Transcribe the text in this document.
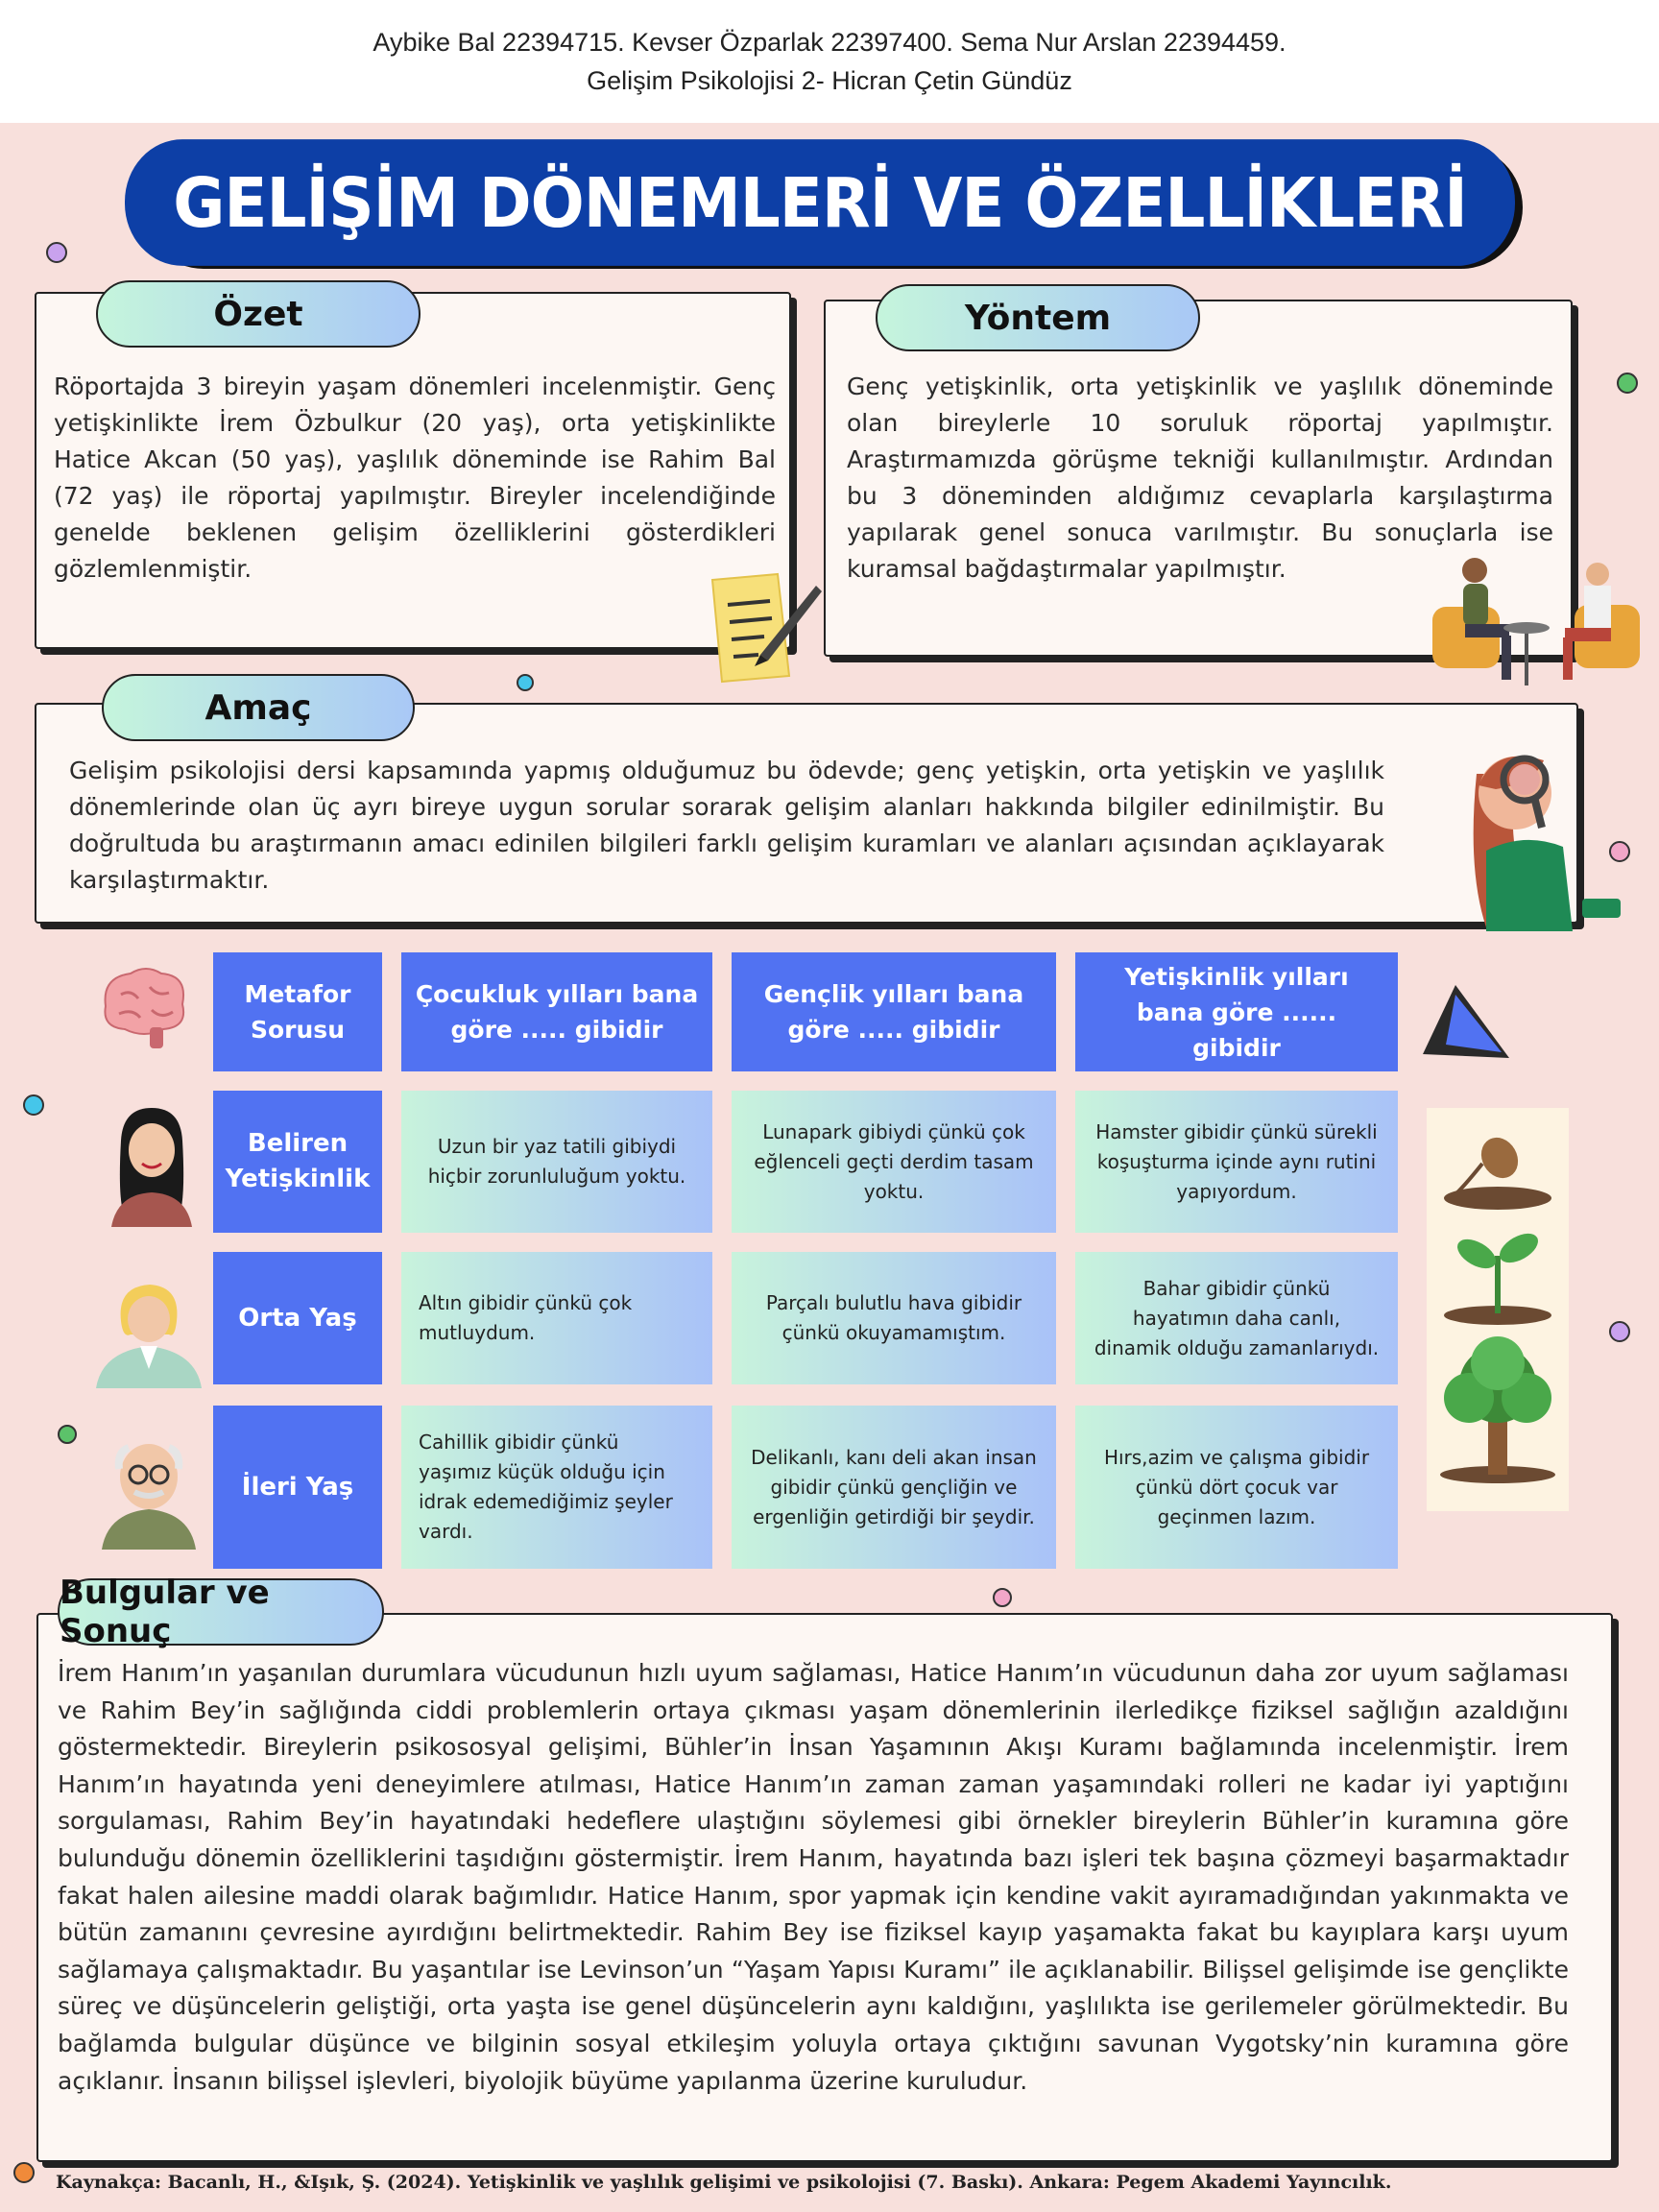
Aybike Bal 22394715. Kevser Özparlak 22397400. Sema Nur Arslan 22394459.
Gelişim Psikolojisi 2- Hicran Çetin Gündüz
GELİŞİM DÖNEMLERİ VE ÖZELLİKLERİ
Özet
Röportajda 3 bireyin yaşam dönemleri incelenmiştir. Genç yetişkinlikte İrem Özbulkur (20 yaş), orta yetişkinlikte Hatice Akcan (50 yaş), yaşlılık döneminde ise Rahim Bal (72 yaş) ile röportaj yapılmıştır. Bireyler incelendiğinde genelde beklenen gelişim özelliklerini gösterdikleri gözlemlenmiştir.
Yöntem
Genç yetişkinlik, orta yetişkinlik ve yaşlılık döneminde olan bireylerle 10 soruluk röportaj yapılmıştır. Araştırmamızda görüşme tekniği kullanılmıştır. Ardından bu 3 döneminden aldığımız cevaplarla karşılaştırma yapılarak genel sonuca varılmıştır. Bu sonuçlarla ise kuramsal bağdaştırmalar yapılmıştır.
Amaç
Gelişim psikolojisi dersi kapsamında yapmış olduğumuz bu ödevde; genç yetişkin, orta yetişkin ve yaşlılık dönemlerinde olan üç ayrı bireye uygun sorular sorarak gelişim alanları hakkında bilgiler edinilmiştir. Bu doğrultuda bu araştırmanın amacı edinilen bilgileri farklı gelişim kuramları ve alanları açısından açıklayarak karşılaştırmaktır.
Metafor Sorusu
Çocukluk yılları bana göre ..... gibidir
Gençlik yılları bana göre ..... gibidir
Yetişkinlik yılları bana göre ...... gibidir
Beliren Yetişkinlik
Uzun bir yaz tatili gibiydi hiçbir zorunluluğum yoktu.
Lunapark gibiydi çünkü çok eğlenceli geçti derdim tasam yoktu.
Hamster gibidir çünkü sürekli koşuşturma içinde aynı rutini yapıyordum.
Orta Yaş
Altın gibidir çünkü çok mutluydum.
Parçalı bulutlu hava gibidir çünkü okuyamamıştım.
Bahar gibidir çünkü hayatımın daha canlı, dinamik olduğu zamanlarıydı.
İleri Yaş
Cahillik gibidir çünkü yaşımız küçük olduğu için idrak edemediğimiz şeyler vardı.
Delikanlı, kanı deli akan insan gibidir çünkü gençliğin ve ergenliğin getirdiği bir şeydir.
Hırs,azim ve çalışma gibidir çünkü dört çocuk var geçinmen lazım.
Bulgular ve Sonuç
İrem Hanım’ın yaşanılan durumlara vücudunun hızlı uyum sağlaması, Hatice Hanım’ın vücudunun daha zor uyum sağlaması ve Rahim Bey’in sağlığında ciddi problemlerin ortaya çıkması yaşam dönemlerinin ilerledikçe fiziksel sağlığın azaldığını göstermektedir. Bireylerin psikososyal gelişimi, Bühler’in İnsan Yaşamının Akışı Kuramı bağlamında incelenmiştir. İrem Hanım’ın hayatında yeni deneyimlere atılması, Hatice Hanım’ın zaman zaman yaşamındaki rolleri ne kadar iyi yaptığını sorgulaması, Rahim Bey’in hayatındaki hedeflere ulaştığını söylemesi gibi örnekler bireylerin Bühler’in kuramına göre bulunduğu dönemin özelliklerini taşıdığını göstermiştir. İrem Hanım, hayatında bazı işleri tek başına çözmeyi başarmaktadır fakat halen ailesine maddi olarak bağımlıdır. Hatice Hanım, spor yapmak için kendine vakit ayıramadığından yakınmakta ve bütün zamanını çevresine ayırdığını belirtmektedir. Rahim Bey ise fiziksel kayıp yaşamakta fakat bu kayıplara karşı uyum sağlamaya çalışmaktadır. Bu yaşantılar ise Levinson’un “Yaşam Yapısı Kuramı” ile açıklanabilir. Bilişsel gelişimde ise gençlikte süreç ve düşüncelerin geliştiği, orta yaşta ise genel düşüncelerin aynı kaldığını, yaşlılıkta ise gerilemeler görülmektedir. Bu bağlamda bulgular düşünce ve bilginin sosyal etkileşim yoluyla ortaya çıktığını savunan Vygotsky’nin kuramına göre açıklanır. İnsanın bilişsel işlevleri, biyolojik büyüme yapılanma üzerine kuruludur.
Kaynakça: Bacanlı, H., &Işık, Ş. (2024). Yetişkinlik ve yaşlılık gelişimi ve psikolojisi (7. Baskı). Ankara: Pegem Akademi Yayıncılık.
